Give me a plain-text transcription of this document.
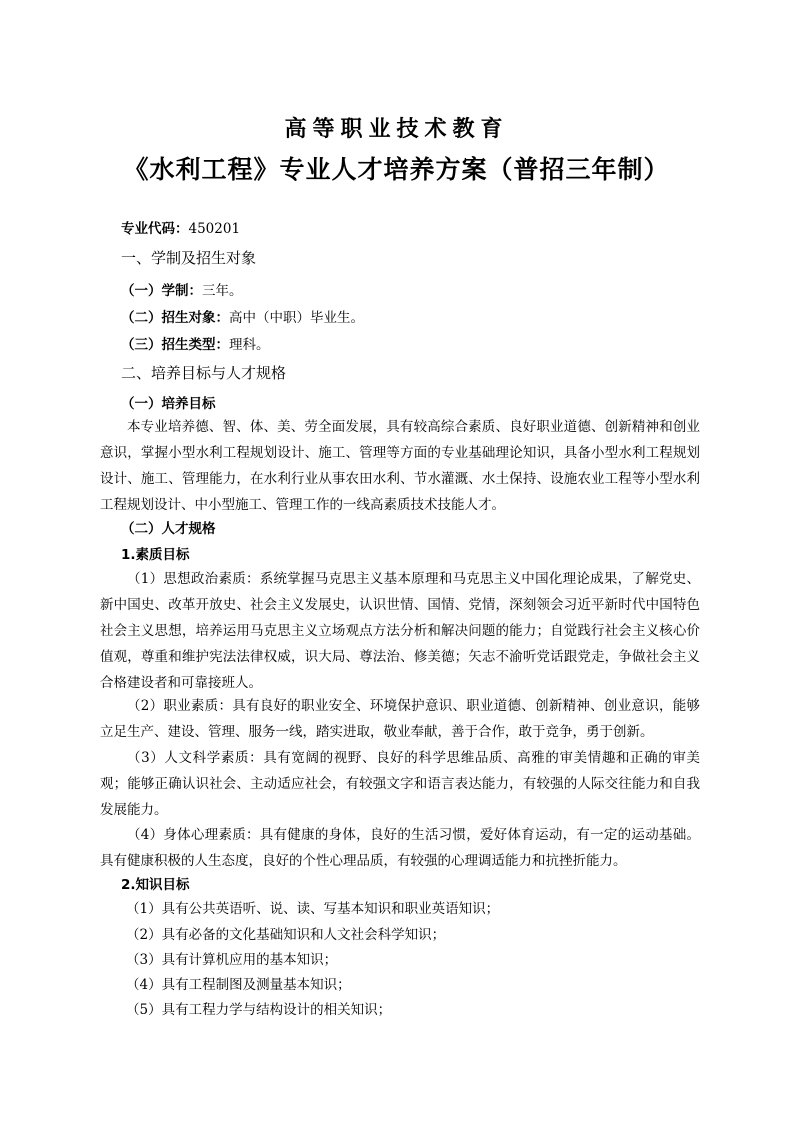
高等职业技术教育
《水利工程》专业人才培养方案（普招三年制）
专业代码：450201
一、学制及招生对象
（一）学制：三年。
（二）招生对象：高中（中职）毕业生。
（三）招生类型：理科。
二、培养目标与人才规格
（一）培养目标
本专业培养德、智、体、美、劳全面发展，具有较高综合素质、良好职业道德、创新精神和创业意识，掌握小型水利工程规划设计、施工、管理等方面的专业基础理论知识，具备小型水利工程规划设计、施工、管理能力，在水利行业从事农田水利、节水灌溉、水土保持、设施农业工程等小型水利工程规划设计、中小型施工、管理工作的一线高素质技术技能人才。
（二）人才规格
1.素质目标
（1）思想政治素质：系统掌握马克思主义基本原理和马克思主义中国化理论成果，了解党史、新中国史、改革开放史、社会主义发展史，认识世情、国情、党情，深刻领会习近平新时代中国特色社会主义思想，培养运用马克思主义立场观点方法分析和解决问题的能力；自觉践行社会主义核心价值观，尊重和维护宪法法律权威，识大局、尊法治、修美德；矢志不渝听党话跟党走，争做社会主义合格建设者和可靠接班人。
（2）职业素质：具有良好的职业安全、环境保护意识、职业道德、创新精神、创业意识，能够立足生产、建设、管理、服务一线，踏实进取，敬业奉献，善于合作，敢于竞争，勇于创新。
（3）人文科学素质：具有宽阔的视野、良好的科学思维品质、高雅的审美情趣和正确的审美观；能够正确认识社会、主动适应社会，有较强文字和语言表达能力，有较强的人际交往能力和自我发展能力。
（4）身体心理素质：具有健康的身体，良好的生活习惯，爱好体育运动，有一定的运动基础。具有健康积极的人生态度，良好的个性心理品质，有较强的心理调适能力和抗挫折能力。
2.知识目标
（1）具有公共英语听、说、读、写基本知识和职业英语知识；
（2）具有必备的文化基础知识和人文社会科学知识；
（3）具有计算机应用的基本知识；
（4）具有工程制图及测量基本知识；
（5）具有工程力学与结构设计的相关知识；
